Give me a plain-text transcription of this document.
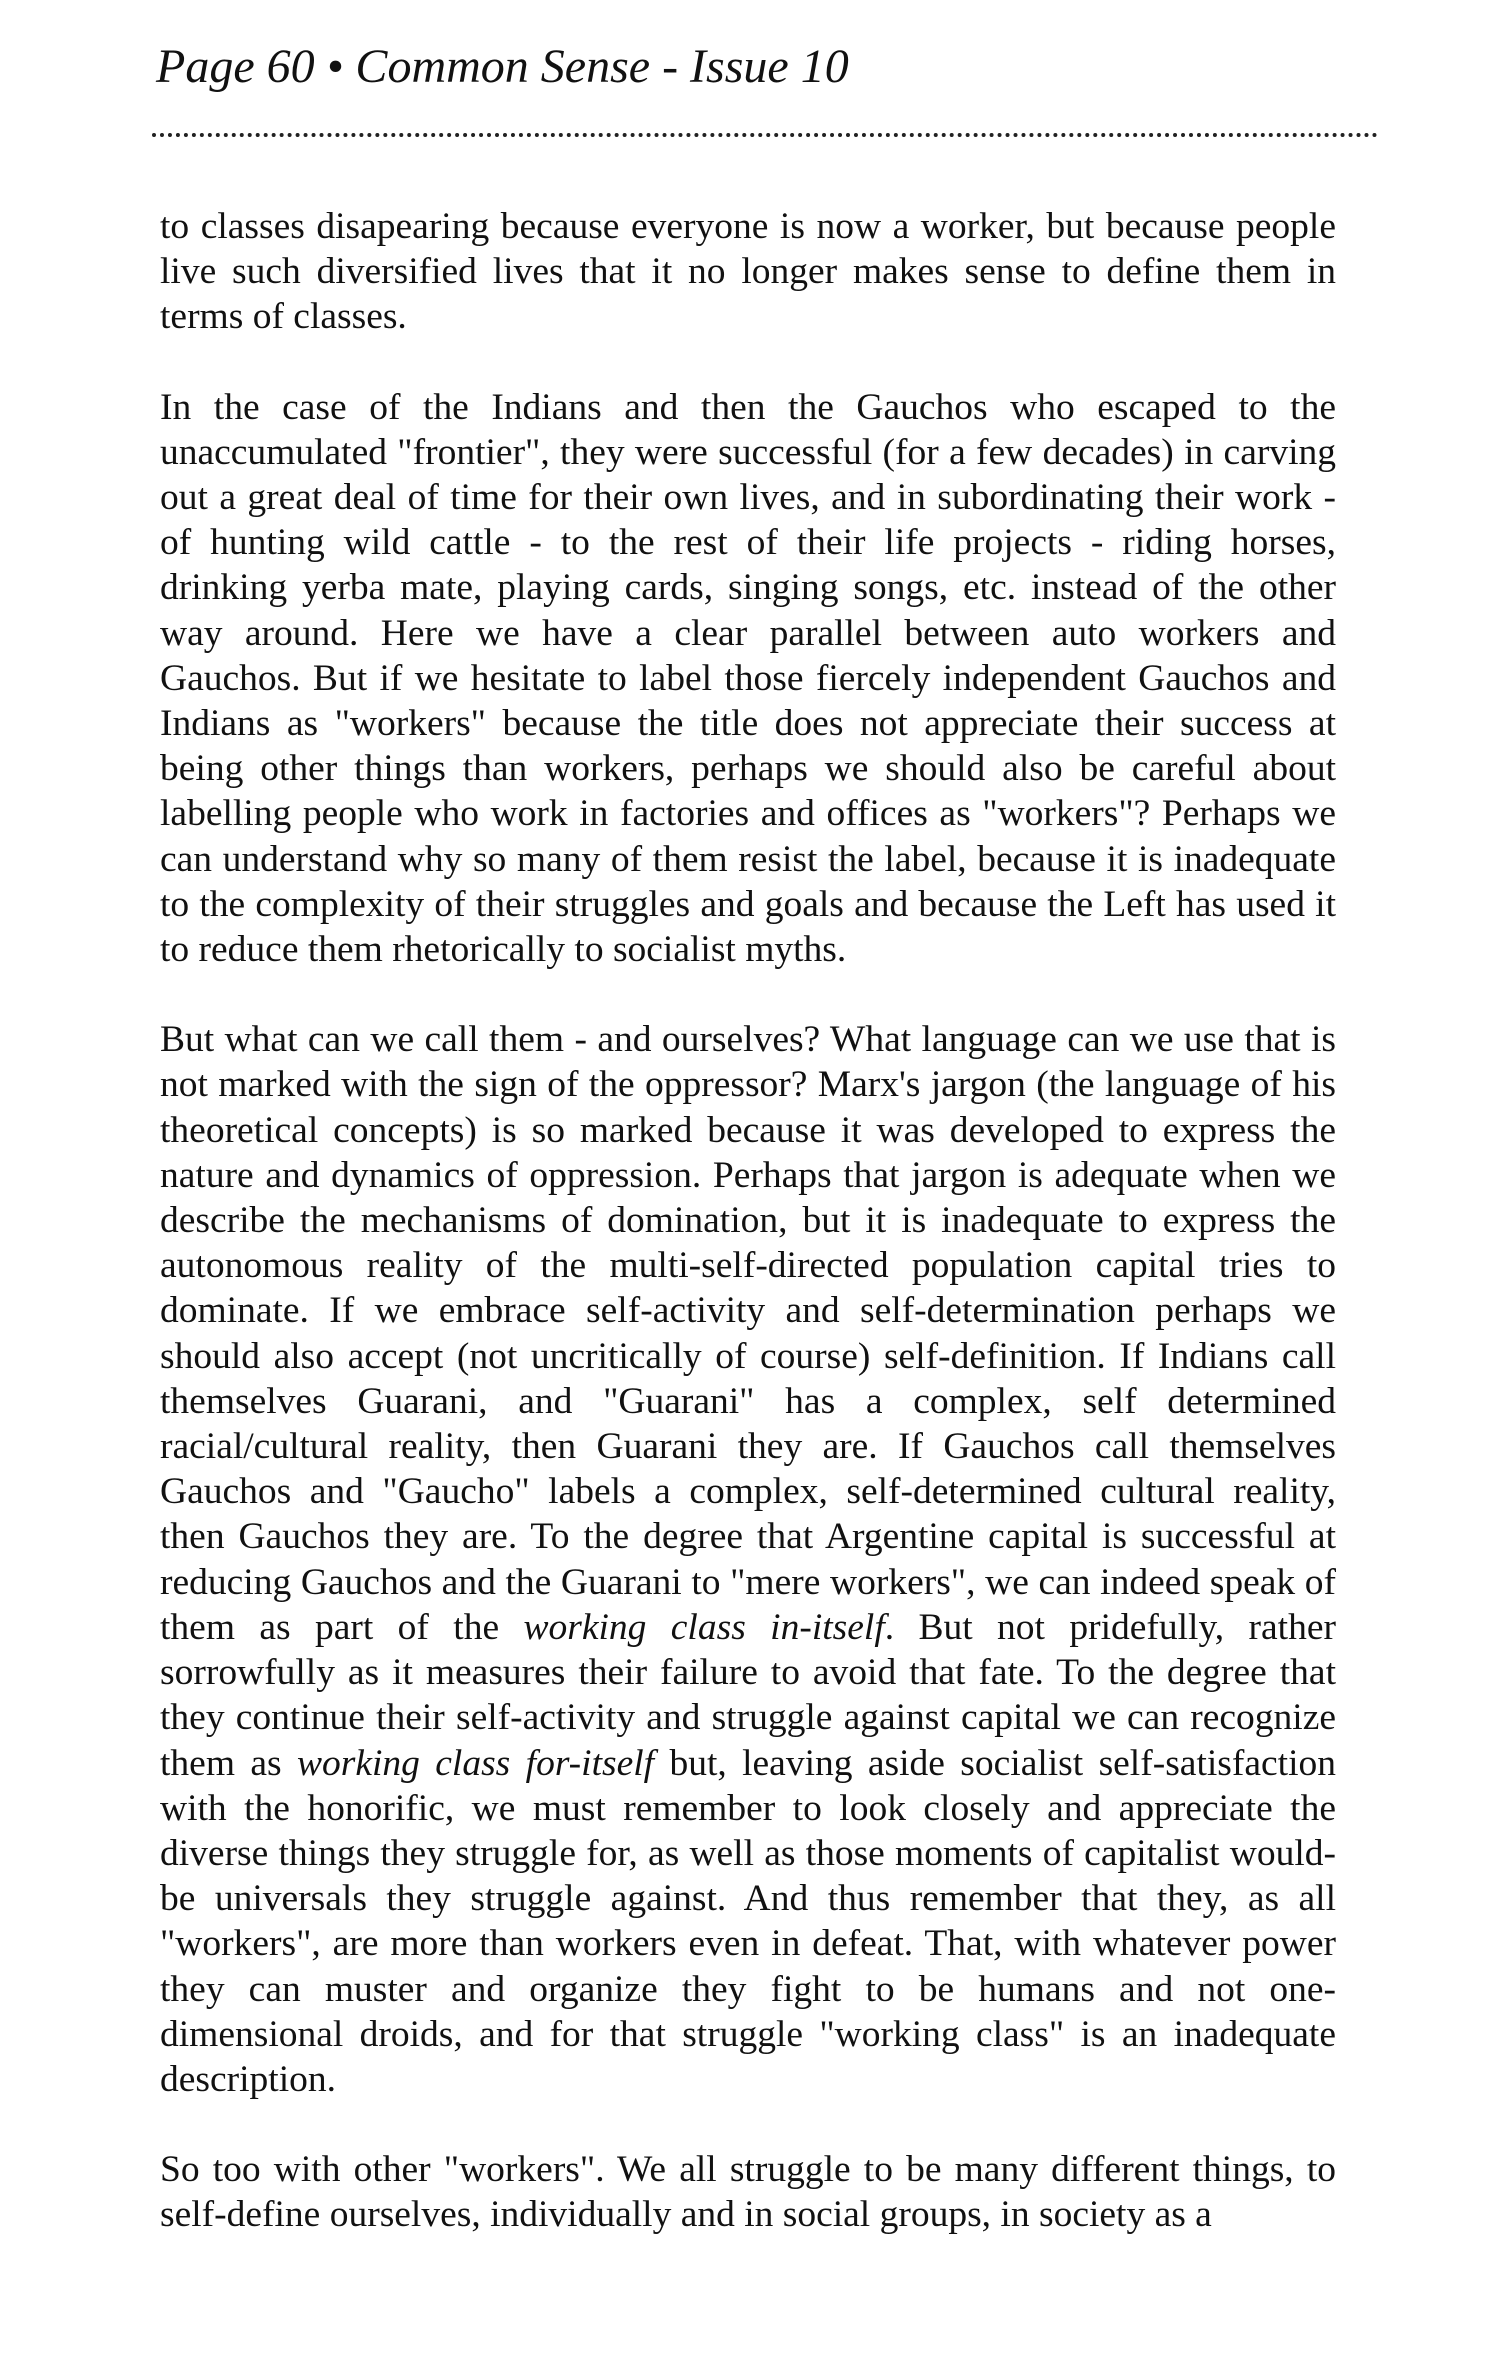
Page 60 • Common Sense - Issue 10

to classes disapearing because everyone is now a worker, but because people live such diversified lives that it no longer makes sense to define them in terms of classes.

In the case of the Indians and then the Gauchos who escaped to the unaccumulated "frontier", they were successful (for a few decades) in carving out a great deal of time for their own lives, and in subordinating their work - of hunting wild cattle - to the rest of their life projects - riding horses, drinking yerba mate, playing cards, singing songs, etc. instead of the other way around. Here we have a clear parallel between auto workers and Gauchos. But if we hesitate to label those fiercely independent Gauchos and Indians as "workers" because the title does not appreciate their success at being other things than workers, perhaps we should also be careful about labelling people who work in factories and offices as "workers"? Perhaps we can understand why so many of them resist the label, because it is inadequate to the complexity of their struggles and goals and because the Left has used it to reduce them rhetorically to socialist myths.

But what can we call them - and ourselves? What language can we use that is not marked with the sign of the oppressor? Marx's jargon (the language of his theoretical concepts) is so marked because it was developed to express the nature and dynamics of oppression. Perhaps that jargon is adequate when we describe the mechanisms of domination, but it is inadequate to express the autonomous reality of the multi-self-directed population capital tries to dominate. If we embrace self-activity and self-determination perhaps we should also accept (not uncritically of course) self-definition. If Indians call themselves Guarani, and "Guarani" has a complex, self determined racial/cultural reality, then Guarani they are. If Gauchos call themselves Gauchos and "Gaucho" labels a complex, self-determined cultural reality, then Gauchos they are. To the degree that Argentine capital is successful at reducing Gauchos and the Guarani to "mere workers", we can indeed speak of them as part of the working class in-itself. But not pridefully, rather sorrowfully as it measures their failure to avoid that fate. To the degree that they continue their self-activity and struggle against capital we can recognize them as working class for-itself but, leaving aside socialist self-satisfaction with the honorific, we must remember to look closely and appreciate the diverse things they struggle for, as well as those moments of capitalist would-be universals they struggle against. And thus remember that they, as all "workers", are more than workers even in defeat. That, with whatever power they can muster and organize they fight to be humans and not one-dimensional droids, and for that struggle "working class" is an inadequate description.

So too with other "workers". We all struggle to be many different things, to self-define ourselves, individually and in social groups, in society as a
